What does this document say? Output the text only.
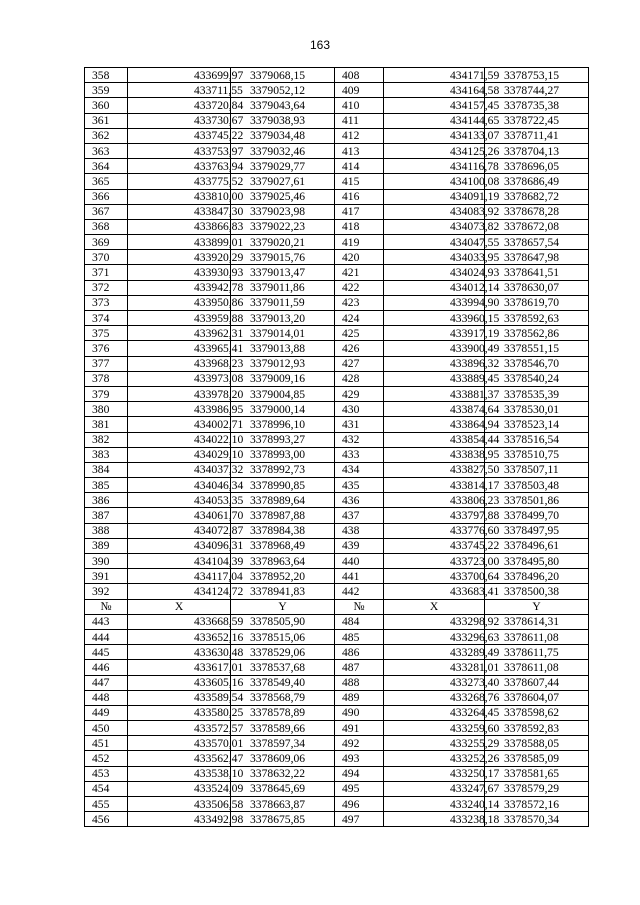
163
358	433699,97	3379068,15	408	434171,59	3378753,15
359	433711,55	3379052,12	409	434164,58	3378744,27
360	433720,84	3379043,64	410	434157,45	3378735,38
361	433730,67	3379038,93	411	434144,65	3378722,45
362	433745,22	3379034,48	412	434133,07	3378711,41
363	433753,97	3379032,46	413	434125,26	3378704,13
364	433763,94	3379029,77	414	434116,78	3378696,05
365	433775,52	3379027,61	415	434100,08	3378686,49
366	433810,00	3379025,46	416	434091,19	3378682,72
367	433847,30	3379023,98	417	434083,92	3378678,28
368	433866,83	3379022,23	418	434073,82	3378672,08
369	433899,01	3379020,21	419	434047,55	3378657,54
370	433920,29	3379015,76	420	434033,95	3378647,98
371	433930,93	3379013,47	421	434024,93	3378641,51
372	433942,78	3379011,86	422	434012,14	3378630,07
373	433950,86	3379011,59	423	433994,90	3378619,70
374	433959,88	3379013,20	424	433960,15	3378592,63
375	433962,31	3379014,01	425	433917,19	3378562,86
376	433965,41	3379013,88	426	433900,49	3378551,15
377	433968,23	3379012,93	427	433896,32	3378546,70
378	433973,08	3379009,16	428	433889,45	3378540,24
379	433978,20	3379004,85	429	433881,37	3378535,39
380	433986,95	3379000,14	430	433874,64	3378530,01
381	434002,71	3378996,10	431	433864,94	3378523,14
382	434022,10	3378993,27	432	433854,44	3378516,54
383	434029,10	3378993,00	433	433838,95	3378510,75
384	434037,32	3378992,73	434	433827,50	3378507,11
385	434046,34	3378990,85	435	433814,17	3378503,48
386	434053,35	3378989,64	436	433806,23	3378501,86
387	434061,70	3378987,88	437	433797,88	3378499,70
388	434072,87	3378984,38	438	433776,60	3378497,95
389	434096,31	3378968,49	439	433745,22	3378496,61
390	434104,39	3378963,64	440	433723,00	3378495,80
391	434117,04	3378952,20	441	433700,64	3378496,20
392	434124,72	3378941,83	442	433683,41	3378500,38
№	X	Y	№	X	Y
443	433668,59	3378505,90	484	433298,92	3378614,31
444	433652,16	3378515,06	485	433296,63	3378611,08
445	433630,48	3378529,06	486	433289,49	3378611,75
446	433617,01	3378537,68	487	433281,01	3378611,08
447	433605,16	3378549,40	488	433273,40	3378607,44
448	433589,54	3378568,79	489	433268,76	3378604,07
449	433580,25	3378578,89	490	433264,45	3378598,62
450	433572,57	3378589,66	491	433259,60	3378592,83
451	433570,01	3378597,34	492	433255,29	3378588,05
452	433562,47	3378609,06	493	433252,26	3378585,09
453	433538,10	3378632,22	494	433250,17	3378581,65
454	433524,09	3378645,69	495	433247,67	3378579,29
455	433506,58	3378663,87	496	433240,14	3378572,16
456	433492,98	3378675,85	497	433238,18	3378570,34
